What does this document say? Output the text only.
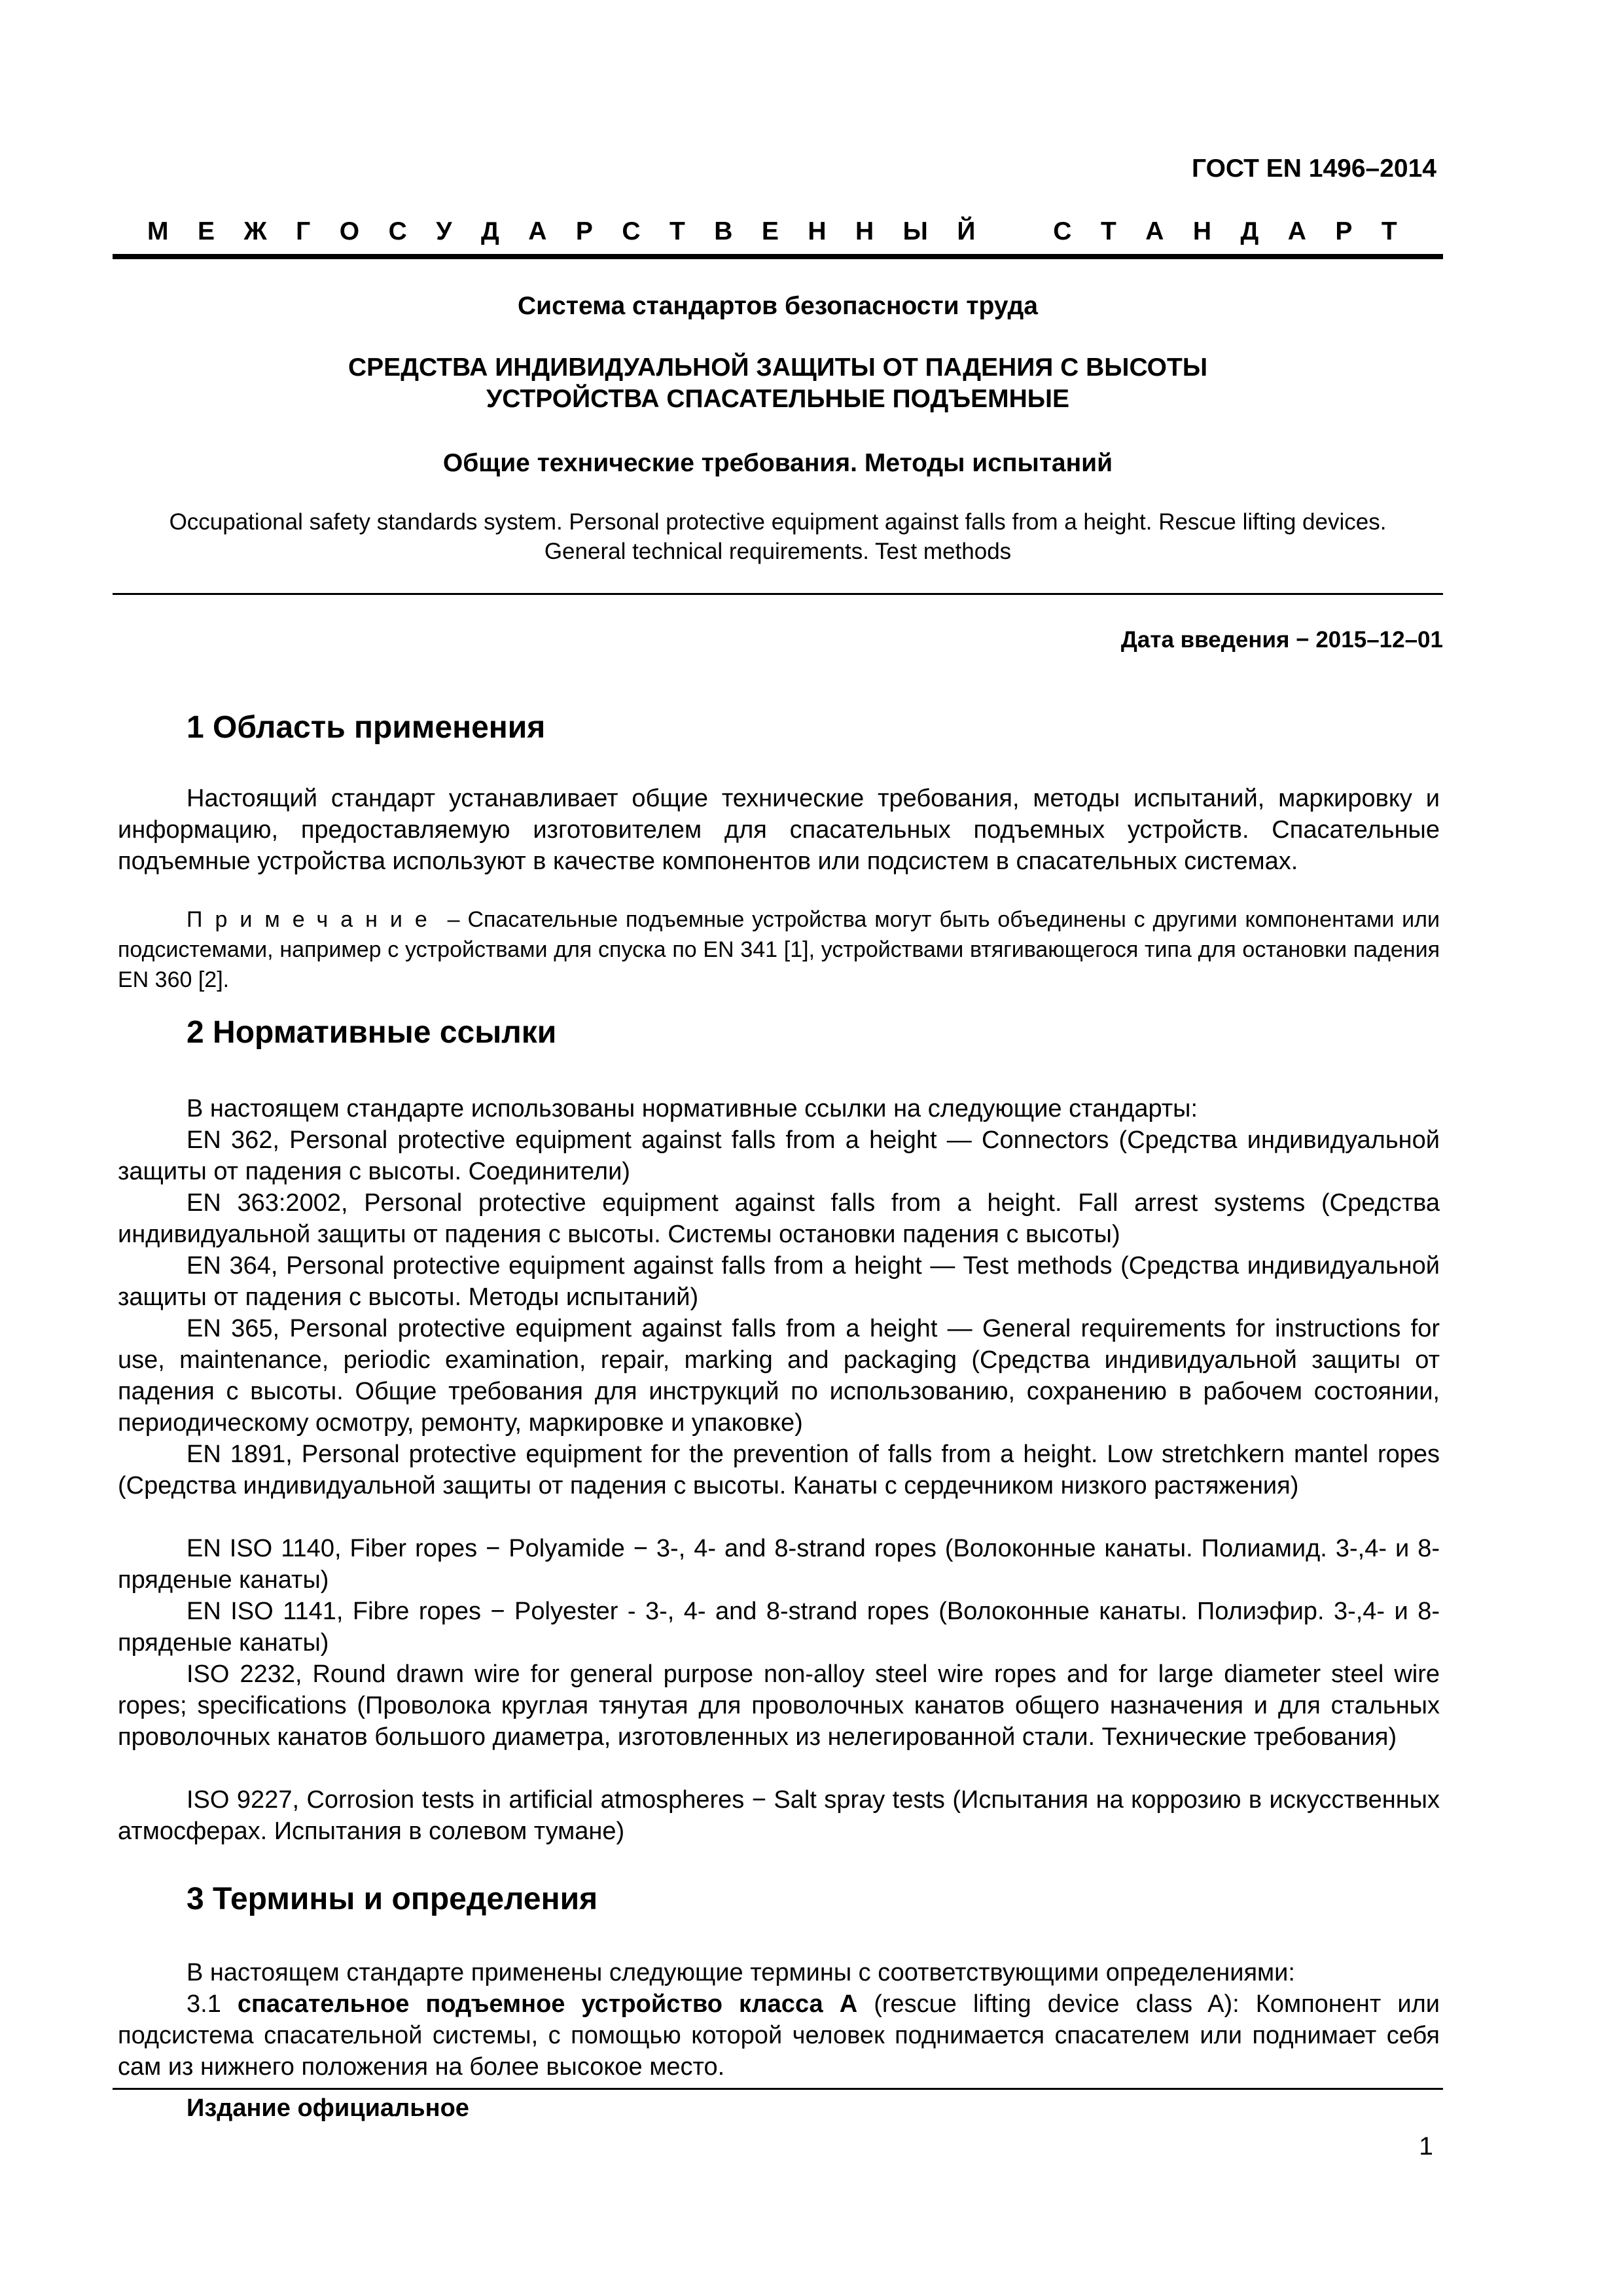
ГОСТ EN 1496–2014
М Е Ж Г О С У Д А Р С Т В Е Н Н Ы Й	С Т А Н Д А Р Т
Система стандартов безопасности труда
СРЕДСТВА ИНДИВИДУАЛЬНОЙ ЗАЩИТЫ ОТ ПАДЕНИЯ С ВЫСОТЫ
УСТРОЙСТВА СПАСАТЕЛЬНЫЕ ПОДЪЕМНЫЕ
Общие технические требования. Методы испытаний
Occupational safety standards system. Personal protective equipment against falls from a height. Rescue lifting devices.
General technical requirements. Test methods
Дата введения − 2015–12–01
1 Область применения

Настоящий стандарт устанавливает общие технические требования, методы испытаний, маркировку и информацию, предоставляемую изготовителем для спасательных подъемных устройств. Спасательные подъемные устройства используют в качестве компонентов или подсистем в спасательных системах.

Примечание – Спасательные подъемные устройства могут быть объединены с другими компонентами или подсистемами, например с устройствами для спуска по EN 341 [1], устройствами втягивающегося типа для остановки падения EN 360 [2].

2 Нормативные ссылки

В настоящем стандарте использованы нормативные ссылки на следующие стандарты:

EN 362, Personal protective equipment against falls from a height — Connectors (Средства индивидуальной защиты от падения с высоты. Соединители)

EN 363:2002, Personal protective equipment against falls from a height. Fall arrest systems (Средства индивидуальной защиты от падения с высоты. Системы остановки падения с высоты)

EN 364, Personal protective equipment against falls from a height — Test methods (Средства индивидуальной защиты от падения с высоты. Методы испытаний)

EN 365, Personal protective equipment against falls from a height — General requirements for instructions for use, maintenance, periodic examination, repair, marking and packaging (Средства индивидуальной защиты от падения с высоты. Общие требования для инструкций по использованию, сохранению в рабочем состоянии, периодическому осмотру, ремонту, маркировке и упаковке)

EN 1891, Personal protective equipment for the prevention of falls from a height. Low stretchkern mantel ropes (Средства индивидуальной защиты от падения с высоты. Канаты с сердечником низкого растяжения)

EN ISO 1140, Fiber ropes − Polyamide − 3-, 4- and 8-strand ropes (Волоконные канаты. Полиамид. 3-,4- и 8-пряденые канаты)

EN ISO 1141, Fibre ropes − Polyester - 3-, 4- and 8-strand ropes (Волоконные канаты. Полиэфир. 3-,4- и 8-пряденые канаты)

ISO 2232, Round drawn wire for general purpose non-alloy steel wire ropes and for large diameter steel wire ropes; specifications (Проволока круглая тянутая для проволочных канатов общего назначения и для стальных проволочных канатов большого диаметра, изготовленных из нелегированной стали. Технические требования)

ISO 9227, Corrosion tests in artificial atmospheres − Salt spray tests (Испытания на коррозию в искусственных атмосферах. Испытания в солевом тумане)

3 Термины и определения

В настоящем стандарте применены следующие термины с соответствующими определениями:

3.1 спасательное подъемное устройство класса А (rescue lifting device class A): Компонент или подсистема спасательной системы, с помощью которой человек поднимается спасателем или поднимает себя сам из нижнего положения на более высокое место.

Издание официальное
1
